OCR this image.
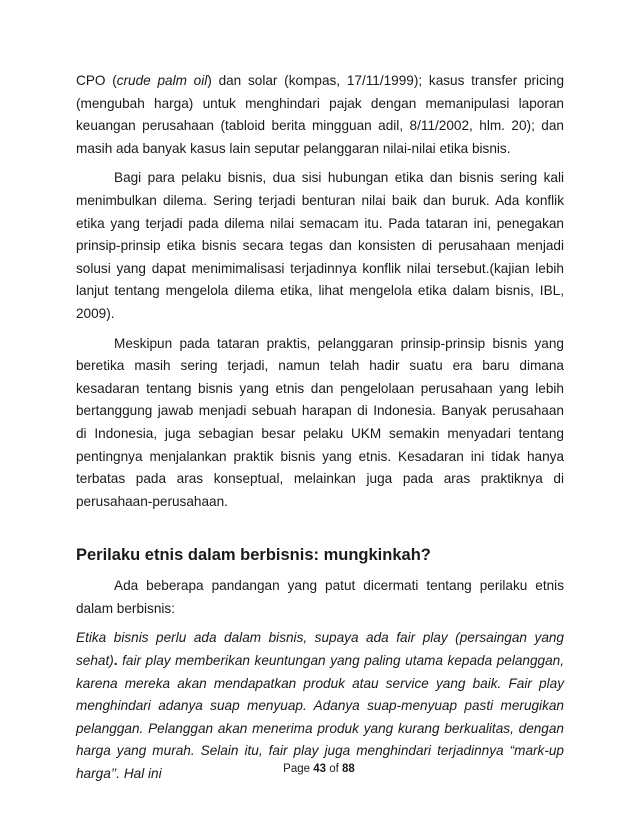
CPO (crude palm oil) dan solar (kompas, 17/11/1999); kasus transfer pricing (mengubah harga) untuk menghindari pajak dengan memanipulasi laporan keuangan perusahaan (tabloid berita mingguan adil, 8/11/2002, hlm. 20); dan masih ada banyak kasus lain seputar pelanggaran nilai-nilai etika bisnis.

Bagi para pelaku bisnis, dua sisi hubungan etika dan bisnis sering kali menimbulkan dilema. Sering terjadi benturan nilai baik dan buruk. Ada konflik etika yang terjadi pada dilema nilai semacam itu. Pada tataran ini, penegakan prinsip-prinsip etika bisnis secara tegas dan konsisten di perusahaan menjadi solusi yang dapat menimimalisasi terjadinnya konflik nilai tersebut.(kajian lebih lanjut tentang mengelola dilema etika, lihat mengelola etika dalam bisnis, IBL, 2009).

Meskipun pada tataran praktis, pelanggaran prinsip-prinsip bisnis yang beretika masih sering terjadi, namun telah hadir suatu era baru dimana kesadaran tentang bisnis yang etnis dan pengelolaan perusahaan yang lebih bertanggung jawab menjadi sebuah harapan di Indonesia. Banyak perusahaan di Indonesia, juga sebagian besar pelaku UKM semakin menyadari tentang pentingnya menjalankan praktik bisnis yang etnis. Kesadaran ini tidak hanya terbatas pada aras konseptual, melainkan juga pada aras praktiknya di perusahaan-perusahaan.

Perilaku etnis dalam berbisnis: mungkinkah?

Ada beberapa pandangan yang patut dicermati tentang perilaku etnis dalam berbisnis:

Etika bisnis perlu ada dalam bisnis, supaya ada fair play (persaingan yang sehat). fair play memberikan keuntungan yang paling utama kepada pelanggan, karena mereka akan mendapatkan produk atau service yang baik. Fair play menghindari adanya suap menyuap. Adanya suap-menyuap pasti merugikan pelanggan. Pelanggan akan menerima produk yang kurang berkualitas, dengan harga yang murah. Selain itu, fair play juga menghindari terjadinnya “mark-up harga’’. Hal ini	Page 43 of 88
